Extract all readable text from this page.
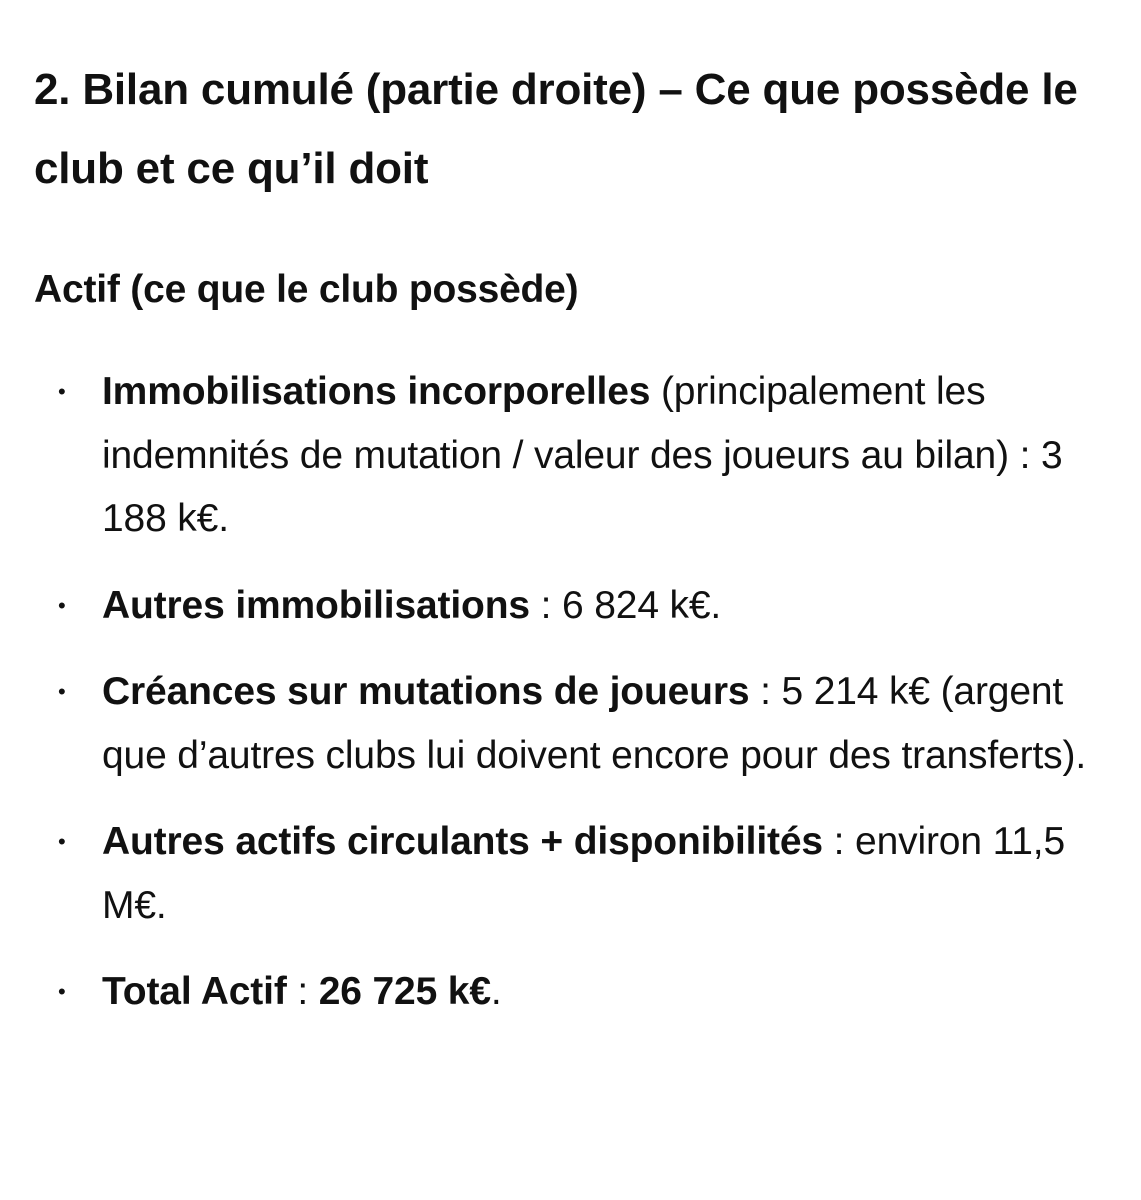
2. Bilan cumulé (partie droite) – Ce que possède le club et ce qu’il doit
Actif (ce que le club possède)
• Immobilisations incorporelles (principalement les indemnités de mutation / valeur des joueurs au bilan) : 3 188 k€.
• Autres immobilisations : 6 824 k€.
• Créances sur mutations de joueurs : 5 214 k€ (argent que d’autres clubs lui doivent encore pour des transferts).
• Autres actifs circulants + disponibilités : environ 11,5 M€.
• Total Actif : 26 725 k€.
